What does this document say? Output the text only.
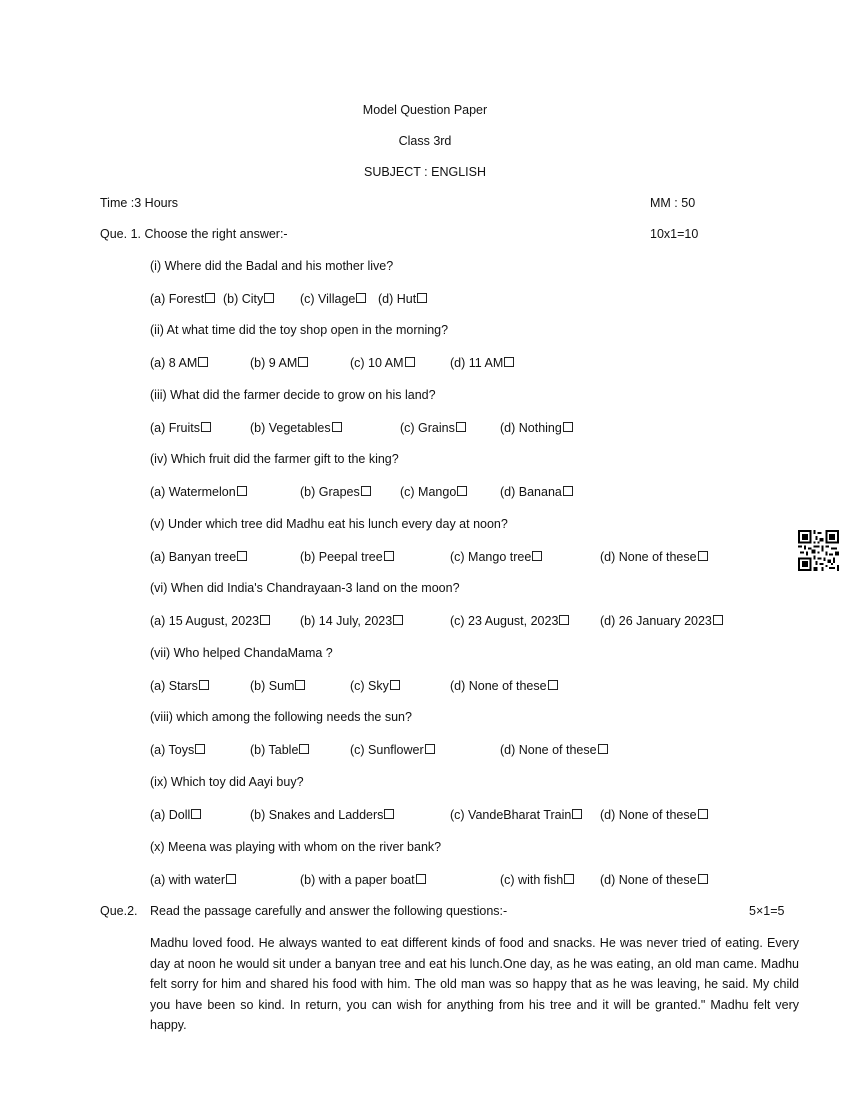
Model Question Paper
Class 3rd
SUBJECT : ENGLISH
Time :3 Hours	MM : 50
Que. 1. Choose the right answer:-	10x1=10
(i) Where did the Badal and his mother live?
(a) Forest	(b) City	(c) Village	(d) Hut
(ii) At what time did the toy shop open in the morning?
(a) 8 AM	(b) 9 AM	(c) 10 AM	(d) 11 AM
(iii) What did the farmer decide to grow on his land?
(a) Fruits	(b) Vegetables	(c) Grains	(d) Nothing
(iv) Which fruit did the farmer gift to the king?
(a) Watermelon	(b) Grapes	(c) Mango	(d) Banana
(v) Under which tree did Madhu eat his lunch every day at noon?
(a) Banyan tree	(b) Peepal tree	(c) Mango tree	(d) None of these
(vi) When did India's Chandrayaan-3 land on the moon?
(a) 15 August, 2023	(b) 14 July, 2023	(c) 23 August, 2023	(d) 26 January 2023
(vii) Who helped ChandaMama ?
(a) Stars	(b) Sum	(c) Sky	(d) None of these
(viii) which among the following needs the sun?
(a) Toys	(b) Table	(c) Sunflower	(d) None of these
(ix) Which toy did Aayi buy?
(a) Doll	(b) Snakes and Ladders	(c) VandeBharat Train	(d) None of these
(x) Meena was playing with whom on the river bank?
(a) with water	(b) with a paper boat	(c) with fish	(d) None of these
Que.2. Read the passage carefully and answer the following questions:-	5×1=5
Madhu loved food. He always wanted to eat different kinds of food and snacks. He was never tried of eating. Every day at noon he would sit under a banyan tree and eat his lunch.One day, as he was eating, an old man came. Madhu felt sorry for him and shared his food with him. The old man was so happy that as he was leaving, he said. My child you have been so kind. In return, you can wish for anything from his tree and it will be granted." Madhu felt very happy.
